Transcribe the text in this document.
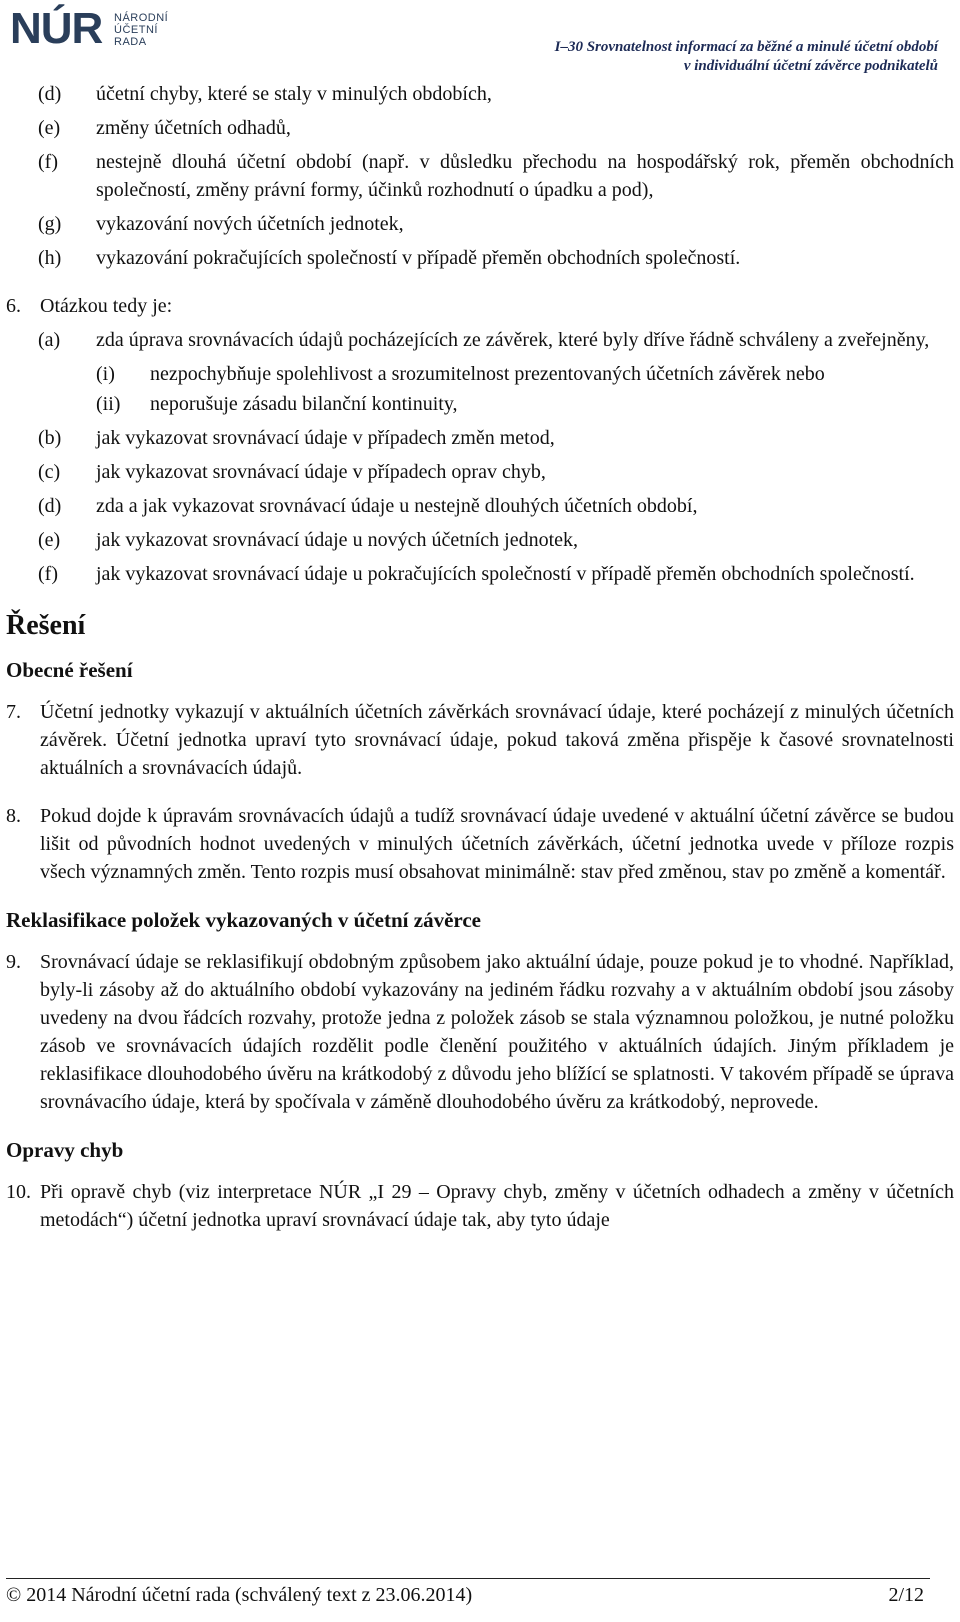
NÚR NÁRODNÍ
ÚČETNÍ
RADA	I–30 Srovnatelnost informací za běžné a minulé účetní období
v individuální účetní závěrce podnikatelů
(d) účetní chyby, které se staly v minulých obdobích,
(e) změny účetních odhadů,
(f) nestejně dlouhá účetní období (např. v důsledku přechodu na hospodářský rok, přeměn obchodních společností, změny právní formy, účinků rozhodnutí o úpadku a pod),
(g) vykazování nových účetních jednotek,
(h) vykazování pokračujících společností v případě přeměn obchodních společností.
6. Otázkou tedy je:
(a) zda úprava srovnávacích údajů pocházejících ze závěrek, které byly dříve řádně schváleny a zveřejněny,
(i) nezpochybňuje spolehlivost a srozumitelnost prezentovaných účetních závěrek nebo
(ii) neporušuje zásadu bilanční kontinuity,
(b) jak vykazovat srovnávací údaje v případech změn metod,
(c) jak vykazovat srovnávací údaje v případech oprav chyb,
(d) zda a jak vykazovat srovnávací údaje u nestejně dlouhých účetních období,
(e) jak vykazovat srovnávací údaje u nových účetních jednotek,
(f) jak vykazovat srovnávací údaje u pokračujících společností v případě přeměn obchodních společností.
Řešení
Obecné řešení
7. Účetní jednotky vykazují v aktuálních účetních závěrkách srovnávací údaje, které pocházejí z minulých účetních závěrek. Účetní jednotka upraví tyto srovnávací údaje, pokud taková změna přispěje k časové srovnatelnosti aktuálních a srovnávacích údajů.
8. Pokud dojde k úpravám srovnávacích údajů a tudíž srovnávací údaje uvedené v aktuální účetní závěrce se budou lišit od původních hodnot uvedených v minulých účetních závěrkách, účetní jednotka uvede v příloze rozpis všech významných změn. Tento rozpis musí obsahovat minimálně: stav před změnou, stav po změně a komentář.
Reklasifikace položek vykazovaných v účetní závěrce
9. Srovnávací údaje se reklasifikují obdobným způsobem jako aktuální údaje, pouze pokud je to vhodné. Například, byly-li zásoby až do aktuálního období vykazovány na jediném řádku rozvahy a v aktuálním období jsou zásoby uvedeny na dvou řádcích rozvahy, protože jedna z položek zásob se stala významnou položkou, je nutné položku zásob ve srovnávacích údajích rozdělit podle členění použitého v aktuálních údajích. Jiným příkladem je reklasifikace dlouhodobého úvěru na krátkodobý z důvodu jeho blížící se splatnosti. V takovém případě se úprava srovnávacího údaje, která by spočívala v záměně dlouhodobého úvěru za krátkodobý, neprovede.
Opravy chyb
10. Při opravě chyb (viz interpretace NÚR „I 29 – Opravy chyb, změny v účetních odhadech a změny v účetních metodách“) účetní jednotka upraví srovnávací údaje tak, aby tyto údaje
© 2014 Národní účetní rada (schválený text z 23.06.2014)	2/12
